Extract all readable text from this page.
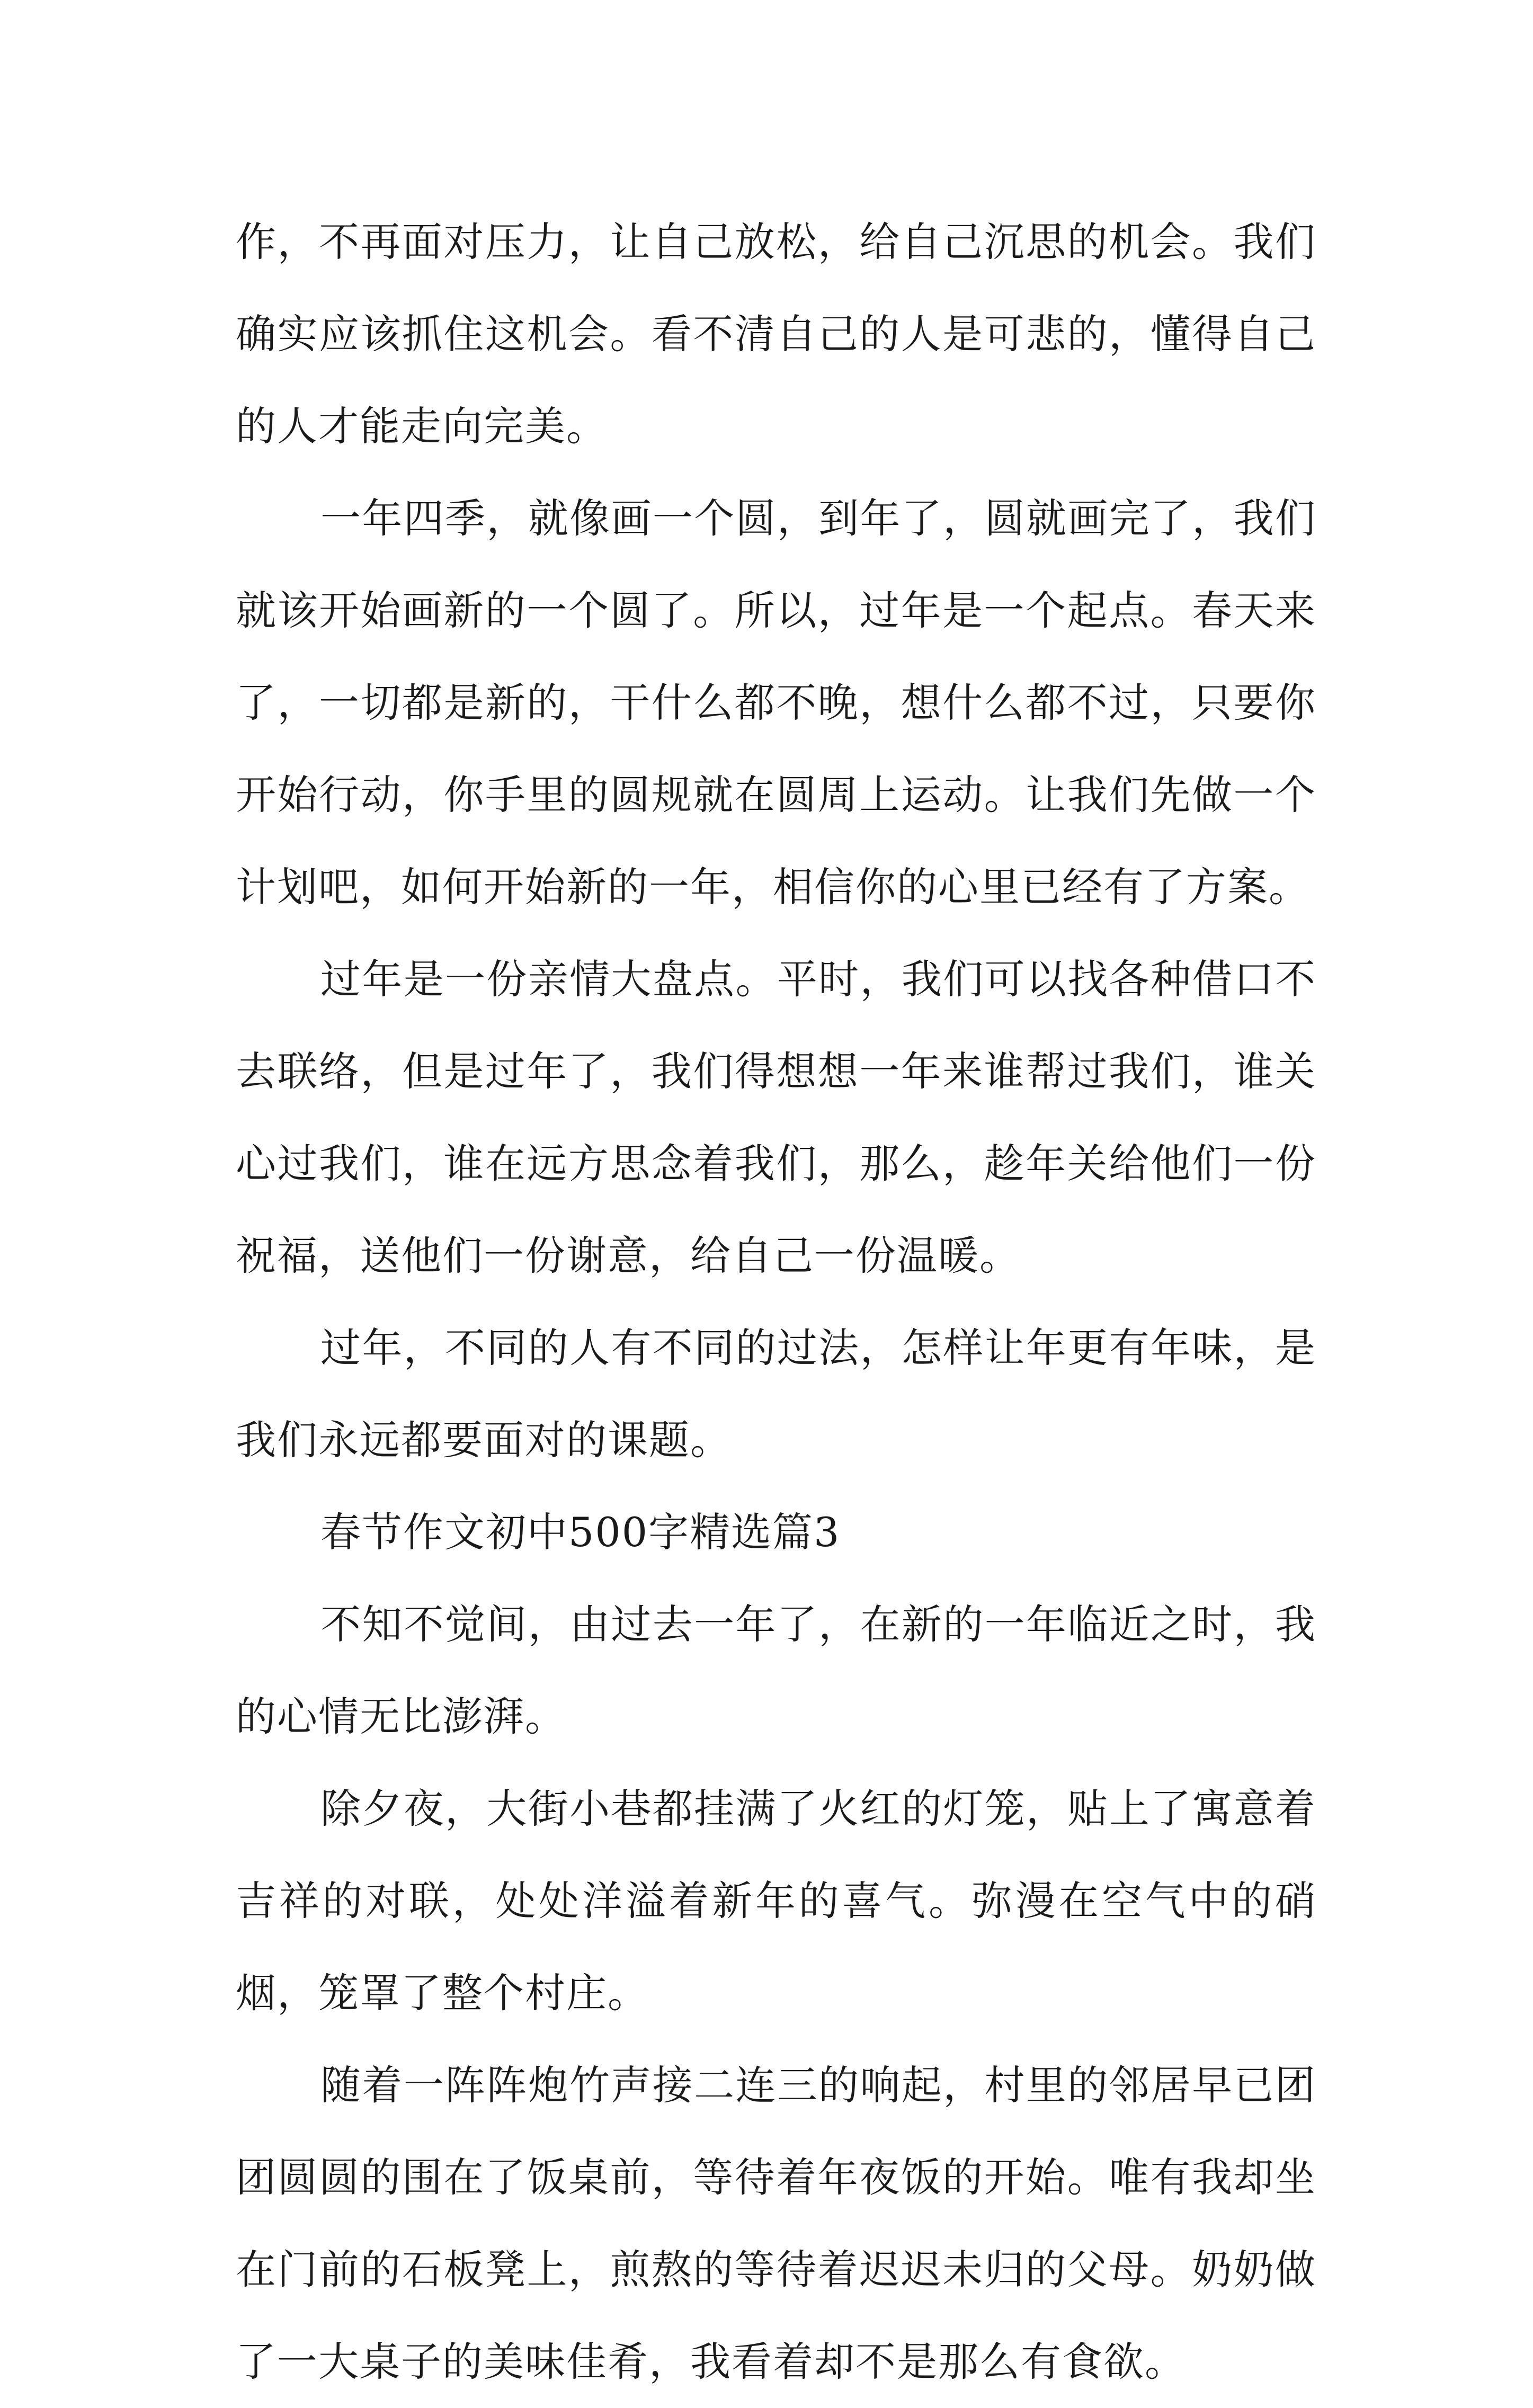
作，不再面对压力，让自己放松，给自己沉思的机会。我们确实应该抓住这机会。看不清自己的人是可悲的，懂得自己的人才能走向完美。

一年四季，就像画一个圆，到年了，圆就画完了，我们就该开始画新的一个圆了。所以，过年是一个起点。春天来了，一切都是新的，干什么都不晚，想什么都不过，只要你开始行动，你手里的圆规就在圆周上运动。让我们先做一个计划吧，如何开始新的一年，相信你的心里已经有了方案。

过年是一份亲情大盘点。平时，我们可以找各种借口不去联络，但是过年了，我们得想想一年来谁帮过我们，谁关心过我们，谁在远方思念着我们，那么，趁年关给他们一份祝福，送他们一份谢意，给自己一份温暖。

过年，不同的人有不同的过法，怎样让年更有年味，是我们永远都要面对的课题。

春节作文初中500字精选篇3

不知不觉间，由过去一年了，在新的一年临近之时，我的心情无比澎湃。

除夕夜，大街小巷都挂满了火红的灯笼，贴上了寓意着吉祥的对联，处处洋溢着新年的喜气。弥漫在空气中的硝烟，笼罩了整个村庄。

随着一阵阵炮竹声接二连三的响起，村里的邻居早已团团圆圆的围在了饭桌前，等待着年夜饭的开始。唯有我却坐在门前的石板凳上，煎熬的等待着迟迟未归的父母。奶奶做了一大桌子的美味佳肴，我看着却不是那么有食欲。
